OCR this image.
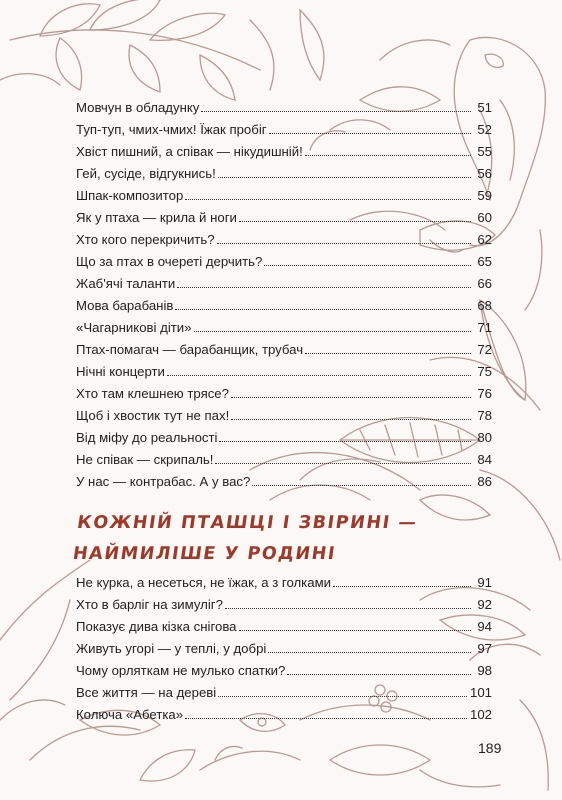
Мовчун в обладунку	51
Туп-туп, чмих-чмих! Їжак пробіг	52
Хвіст пишний, а співак — нікудишній!	55
Гей, сусіде, відгукнись!	56
Шпак-композитор	59
Як у птаха — крила й ноги	60
Хто кого перекричить?	62
Що за птах в очереті дерчить?	65
Жаб'ячі таланти	66
Мова барабанів	68
«Чагарникові діти»	71
Птах-помагач — барабанщик, трубач	72
Нічні концерти	75
Хто там клешнею трясе?	76
Щоб і хвостик тут не пах!	78
Від міфу до реальності	80
Не співак — скрипаль!	84
У нас — контрабас. А у вас?	86
КОЖНІЙ ПТАШЦІ І ЗВІРИНІ —
НАЙМИЛІШЕ У РОДИНІ
Не курка, а несеться, не їжак, а з голками	91
Хто в барліг на зимуліг?	92
Показує дива кізка снігова	94
Живуть угорі — у теплі, у добрі	97
Чому орляткам не мулько спатки?	98
Все життя — на дереві	101
Колюча «Абетка»	102
189
